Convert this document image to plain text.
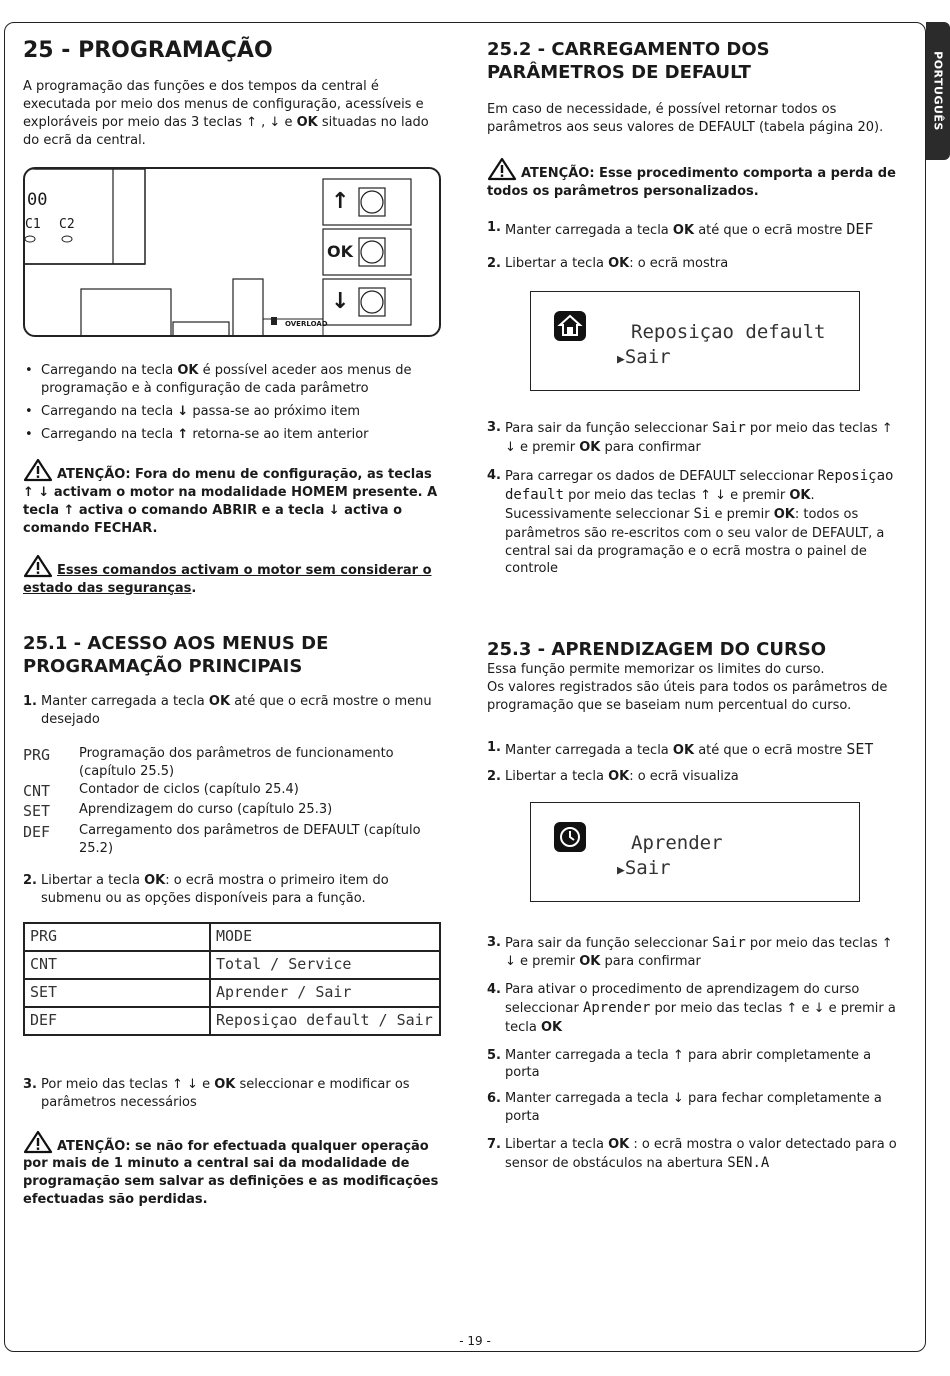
PORTUGUÊS
25 - PROGRAMAÇÃO

A programação das funções e dos tempos da central é executada por meio dos menus de configuração, acessíveis e exploráveis por meio das 3 teclas ↑ , ↓ e OK situadas no lado do ecrã da central.

00
C1 C2
↑
OK
↓
OVERLOAD
• Carregando na tecla OK é possível aceder aos menus de programação e à configuração de cada parâmetro
• Carregando na tecla ↓ passa-se ao próximo item
• Carregando na tecla ↑ retorna-se ao item anterior

ATENÇÃO: Fora do menu de configuração, as teclas ↑ ↓ activam o motor na modalidade HOMEM presente. A tecla ↑ activa o comando ABRIR e a tecla ↓ activa o comando FECHAR.

Esses comandos activam o motor sem considerar o estado das seguranças.

25.1 - ACESSO AOS MENUS DE PROGRAMAÇÃO PRINCIPAIS
1. Manter carregada a tecla OK até que o ecrã mostre o menu desejado
PRG	Programação dos parâmetros de funcionamento (capítulo 25.5)
CNT	Contador de ciclos (capítulo 25.4)
SET	Aprendizagem do curso (capítulo 25.3)
DEF	Carregamento dos parâmetros de DEFAULT (capítulo 25.2)
2. Libertar a tecla OK: o ecrã mostra o primeiro item do submenu ou as opções disponíveis para a função.
PRG	MODE
CNT	Total / Service
SET	Aprender / Sair
DEF	Reposiçao default / Sair
3. Por meio das teclas ↑ ↓ e OK seleccionar e modificar os parâmetros necessários

ATENÇÃO: se não for efectuada qualquer operação por mais de 1 minuto a central sai da modalidade de programação sem salvar as definições e as modificações efectuadas são perdidas.

25.2 - CARREGAMENTO DOS PARÂMETROS DE DEFAULT

Em caso de necessidade, é possível retornar todos os parâmetros aos seus valores de DEFAULT (tabela página 20).

ATENÇÃO: Esse procedimento comporta a perda de todos os parâmetros personalizados.

1. Manter carregada a tecla OK até que o ecrã mostre DEF
2. Libertar a tecla OK: o ecrã mostra
Reposiçao default
▶Sair
3. Para sair da função seleccionar Sair por meio das teclas ↑ ↓ e premir OK para confirmar
4. Para carregar os dados de DEFAULT seleccionar Reposiçao default por meio das teclas ↑ ↓ e premir OK.
Sucessivamente seleccionar Si e premir OK: todos os parâmetros são re-escritos com o seu valor de DEFAULT, a central sai da programação e o ecrã mostra o painel de controle
25.3 - APRENDIZAGEM DO CURSO

Essa função permite memorizar os limites do curso.

Os valores registrados são úteis para todos os parâmetros de programação que se baseiam num percentual do curso.

1. Manter carregada a tecla OK até que o ecrã mostre SET
2. Libertar a tecla OK: o ecrã visualiza
Aprender
▶Sair
3. Para sair da função seleccionar Sair por meio das teclas ↑ ↓ e premir OK para confirmar
4. Para ativar o procedimento de aprendizagem do curso seleccionar Aprender por meio das teclas ↑ e ↓ e premir a tecla OK
5. Manter carregada a tecla ↑ para abrir completamente a porta
6. Manter carregada a tecla ↓ para fechar completamente a porta
7. Libertar a tecla OK : o ecrã mostra o valor detectado para o sensor de obstáculos na abertura SEN.A
- 19 -
